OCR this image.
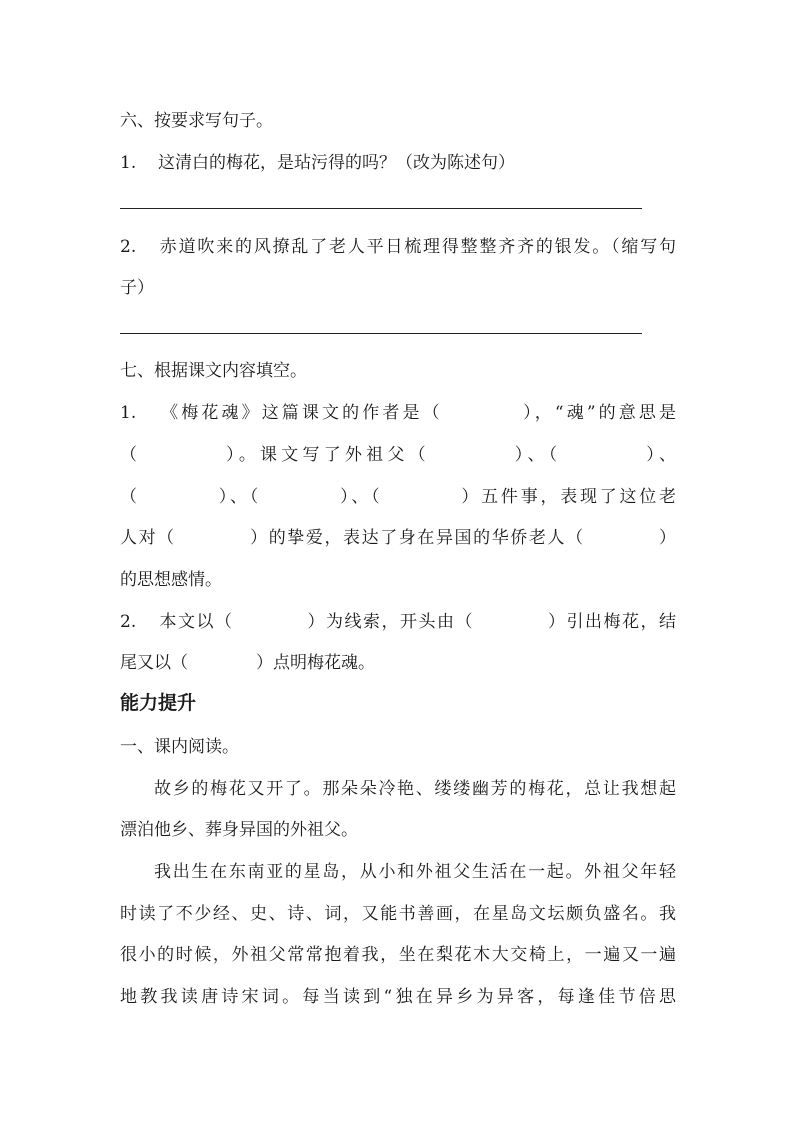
六、按要求写句子。
1. 这清白的梅花，是玷污得的吗？（改为陈述句）
2. 赤道吹来的风撩乱了老人平日梳理得整整齐齐的银发。（缩写句
子）
七、根据课文内容填空。
1. 《梅花魂》这篇课文的作者是（　　　　），“魂”的意思是
（　　　　）。课文写了外祖父（　　　　）、（　　　　）、
（　　　　）、（　　　　）、（　　　　）五件事，表现了这位老
人对（　　　　）的挚爱，表达了身在异国的华侨老人（　　　　）
的思想感情。
2. 本文以（　　　　）为线索，开头由（　　　　）引出梅花，结
尾又以（　　　　）点明梅花魂。
能力提升
一、课内阅读。
故乡的梅花又开了。那朵朵冷艳、缕缕幽芳的梅花，总让我想起
漂泊他乡、葬身异国的外祖父。
我出生在东南亚的星岛，从小和外祖父生活在一起。外祖父年轻
时读了不少经、史、诗、词，又能书善画，在星岛文坛颇负盛名。我
很小的时候，外祖父常常抱着我，坐在梨花木大交椅上，一遍又一遍
地教我读唐诗宋词。每当读到“独在异乡为异客，每逢佳节倍思
